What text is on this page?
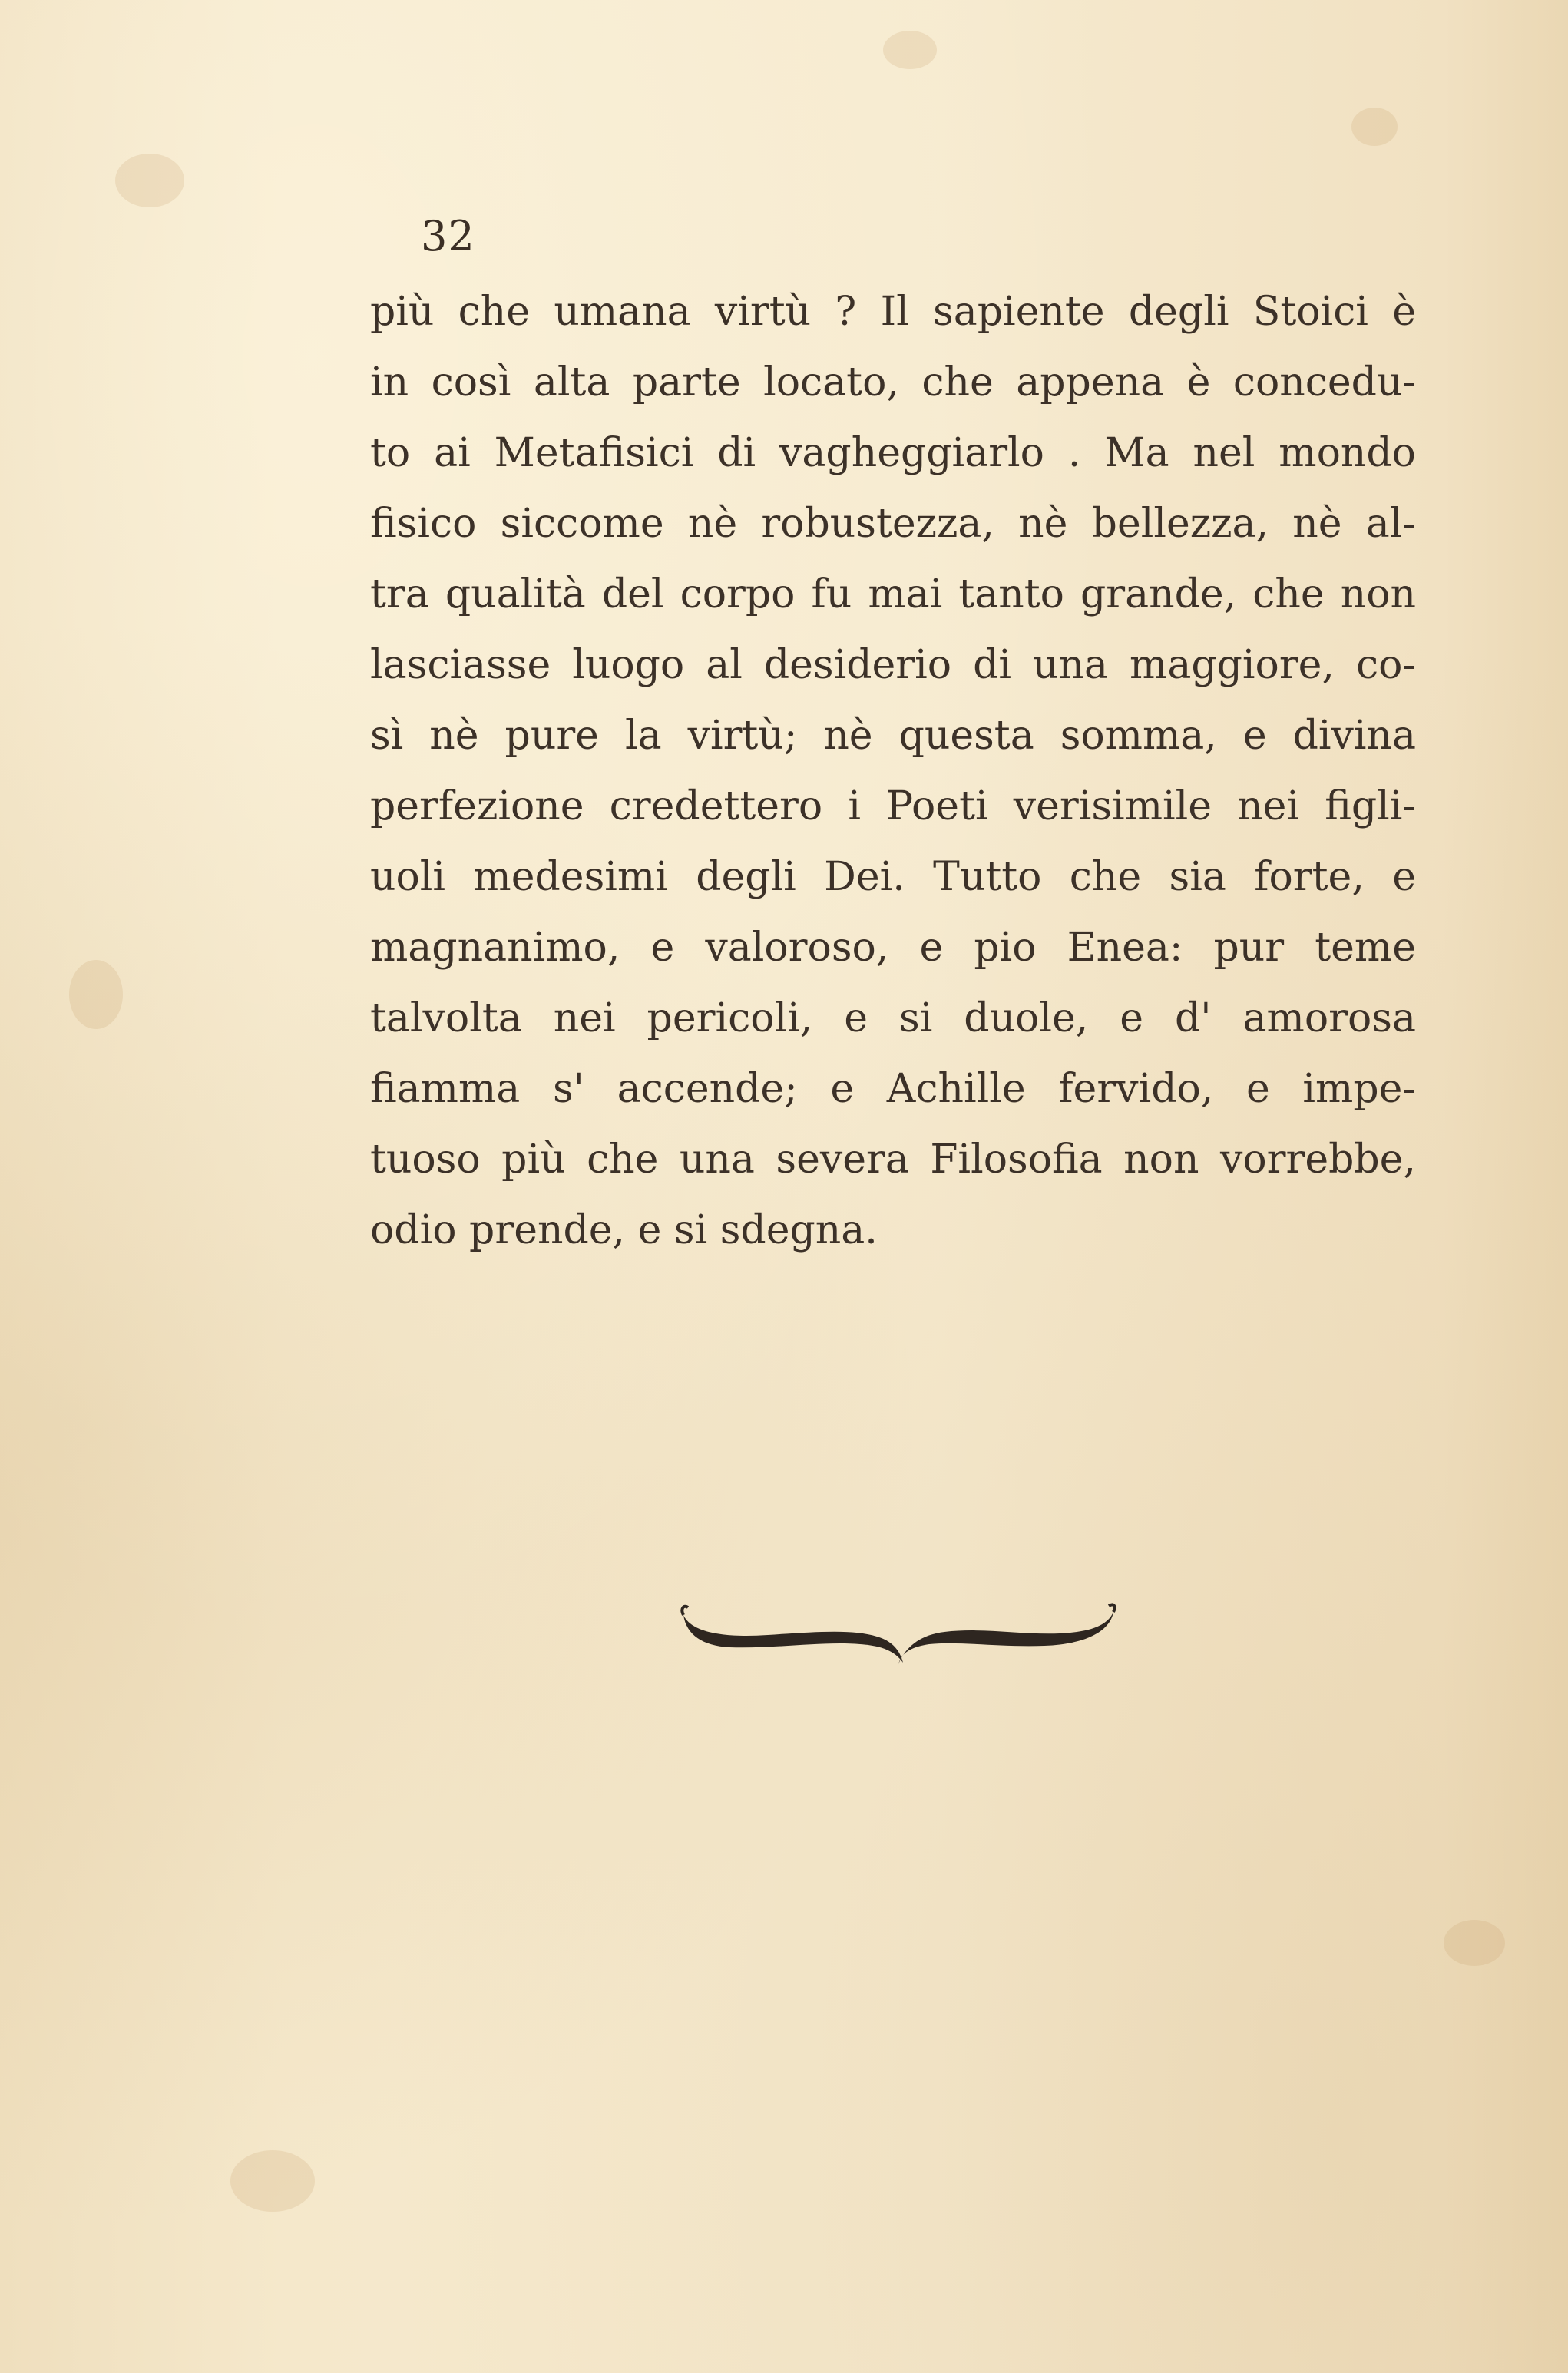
32
più che umana virtù ? Il sapiente degli Stoici è
in così alta parte locato, che appena è concedu-
to ai Metafisici di vagheggiarlo . Ma nel mondo
fisico siccome nè robustezza, nè bellezza, nè al-
tra qualità del corpo fu mai tanto grande, che non
lasciasse luogo al desiderio di una maggiore, co-
sì nè pure la virtù; nè questa somma, e divina
perfezione credettero i Poeti verisimile nei figli-
uoli medesimi degli Dei. Tutto che sia forte, e
magnanimo, e valoroso, e pio Enea: pur teme
talvolta nei pericoli, e si duole, e d' amorosa
fiamma s' accende; e Achille fervido, e impe-
tuoso più che una severa Filosofia non vorrebbe,
odio prende, e si sdegna.
